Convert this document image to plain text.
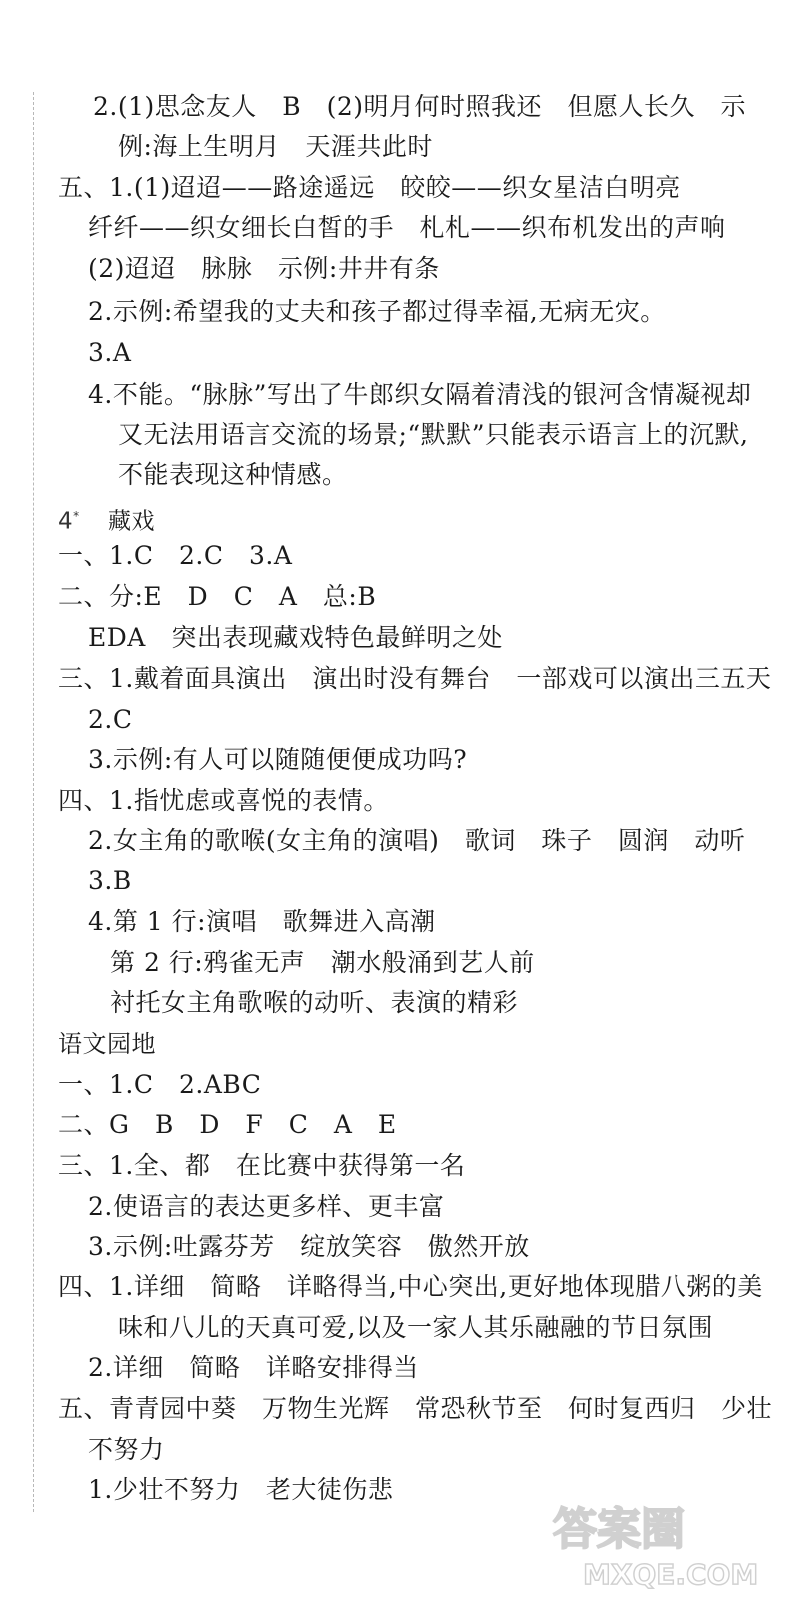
2.(1)思念友人　B　(2)明月何时照我还　但愿人长久　示
例:海上生明月　天涯共此时
五、1.(1)迢迢——路途遥远　皎皎——织女星洁白明亮
纤纤——织女细长白皙的手　札札——织布机发出的声响
(2)迢迢　脉脉　示例:井井有条
2.示例:希望我的丈夫和孩子都过得幸福,无病无灾。
3.A
4.不能。“脉脉”写出了牛郎织女隔着清浅的银河含情凝视却
又无法用语言交流的场景;“默默”只能表示语言上的沉默,
不能表现这种情感。
4* 藏戏
一、1.C　2.C　3.A
二、分:E　D　C　A　总:B
EDA　突出表现藏戏特色最鲜明之处
三、1.戴着面具演出　演出时没有舞台　一部戏可以演出三五天
2.C
3.示例:有人可以随随便便成功吗?
四、1.指忧虑或喜悦的表情。
2.女主角的歌喉(女主角的演唱)　歌词　珠子　圆润　动听
3.B
4.第 1 行:演唱　歌舞进入高潮
第 2 行:鸦雀无声　潮水般涌到艺人前
衬托女主角歌喉的动听、表演的精彩
语文园地
一、1.C　2.ABC
二、G　B　D　F　C　A　E
三、1.全、都　在比赛中获得第一名
2.使语言的表达更多样、更丰富
3.示例:吐露芬芳　绽放笑容　傲然开放
四、1.详细　简略　详略得当,中心突出,更好地体现腊八粥的美
味和八儿的天真可爱,以及一家人其乐融融的节日氛围
2.详细　简略　详略安排得当
五、青青园中葵　万物生光辉　常恐秋节至　何时复西归　少壮
不努力
1.少壮不努力　老大徒伤悲
答案圈
MXQE.COM
